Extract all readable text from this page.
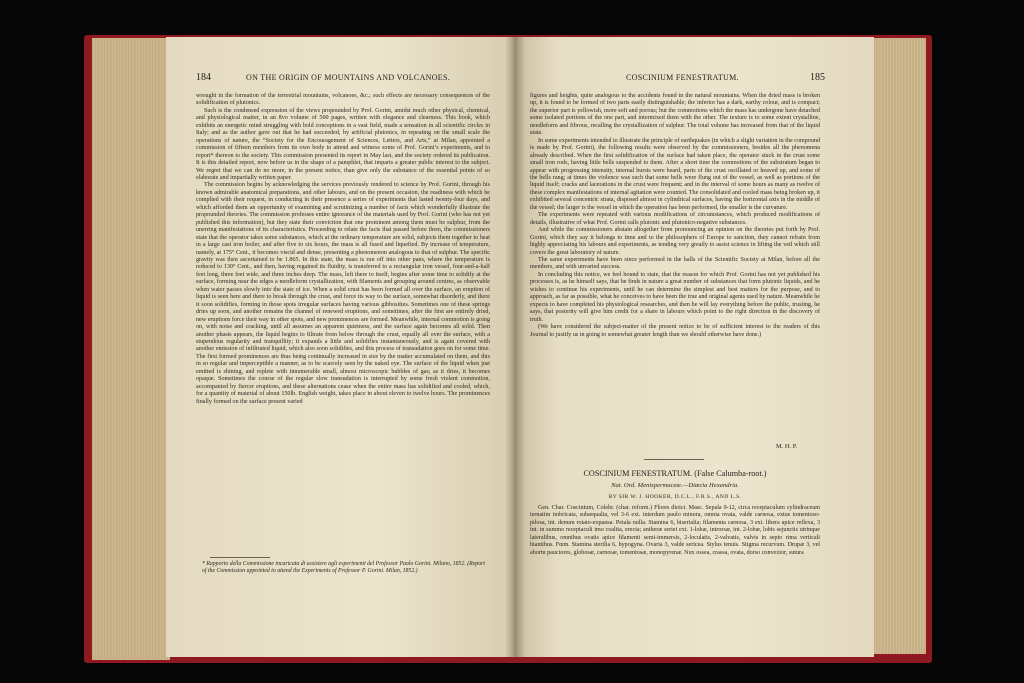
184	ON THE ORIGIN OF MOUNTAINS AND VOLCANOES.

wrought in the formation of the terrestrial mountains, volcanoes, &c.; such effects are necessary consequences of the solidification of plutonics.

Such is the condensed expression of the views propounded by Prof. Gorini, amidst much other physical, chemical, and physiological matter, in an 8vo volume of 500 pages, written with elegance and clearness. This book, which exhibits an energetic mind struggling with bold conceptions in a vast field, made a sensation in all scientific circles in Italy; and as the author gave out that he had succeeded, by artificial plutonics, in repeating on the small scale the operations of nature, the “Society for the Encouragement of Sciences, Letters, and Arts,” at Milan, appointed a commission of fifteen members from its own body to attend and witness some of Prof. Gorini’s experiments, and to report* thereon to the society. This commission presented its report in May last, and the society ordered its publication. It is this detailed report, now before us in the shape of a pamphlet, that imparts a greater public interest to the subject. We regret that we can do no more, in the present notice, than give only the substance of the essential points of so elaborate and impartially written paper.

The commission begins by acknowledging the services previously rendered to science by Prof. Gorini, through his known admirable anatomical preparations, and other labours, and on the present occasion, the readiness with which he complied with their request, in conducting in their presence a series of experiments that lasted twenty-four days, and which afforded them an opportunity of examining and scrutinizing a number of facts which wonderfully illustrate the propounded theories. The commission professes entire ignorance of the materials used by Prof. Gorini (who has not yet published this information), but they state their conviction that one prominent among them must be sulphur, from the unerring manifestations of its characteristics. Proceeding to relate the facts that passed before them, the commissioners state that the operator takes some substances, which at the ordinary temperature are solid, subjects them together to heat in a large cast iron boiler, and after five to six hours, the mass is all fused and liquefied. By increase of temperature, namely, at 175° Cent., it becomes viscid and dense, presenting a phenomenon analogous to that of sulphur. The specific gravity was then ascertained to be 1.865. In this state, the mass is run off into other pans, where the temperature is reduced to 130° Cent., and then, having regained its fluidity, is transferred to a rectangular iron vessel, four-and-a-half feet long, three feet wide, and three inches deep. The mass, left there to itself, begins after some time to solidify at the surface, forming near the edges a needleform crystallization, with filaments and grouping around centres, as observable when water passes slowly into the state of ice. When a solid crust has been formed all over the surface, an eruption of liquid is seen here and there to break through the crust, and force its way to the surface, somewhat disorderly, and there it soon solidifies, forming in those spots irregular surfaces having various gibbosities. Sometimes one of these springs dries up soon, and another remains the channel of renewed eruptions, and sometimes, after the first are entirely dried, new eruptions force their way in other spots, and new prominences are formed. Meanwhile, internal commotion is going on, with noise and cracking, until all assumes an apparent quietness, and the surface again becomes all solid. Then another phasis appears, the liquid begins to filtrate from below through the crust, equally all over the surface, with a stupendous regularity and tranquillity; it expands a little and solidifies instantaneously, and is again covered with another emission of infiltrated liquid, which also soon solidifies, and this process of transudation goes on for some time. The first formed prominences are thus being continually increased in size by the matter accumulated on them, and this in so regular and imperceptible a manner, as to be scarcely seen by the naked eye. The surface of the liquid when just emitted is shining, and replete with innumerable small, almost microscopic bubbles of gas; as it dries, it becomes opaque. Sometimes the course of the regular slow transudation is interrupted by some fresh violent commotion, accompanied by fiercer eruptions, and these alternations cease when the entire mass has solidified and cooled, which, for a quantity of material of about 150lb. English weight, takes place in about eleven to twelve hours. The prominences finally formed on the surface present varied

* Rapporto della Commissione incaricata di assistere agli esperimenti del Professor Paolo Gorini. Milano, 1852. (Report of the Commission appointed to attend the Experiments of Professor P. Gorini. Milan, 1852.)
COSCINIUM FENESTRATUM.	185

figures and heights, quite analogous to the accidents found in the natural mountains. When the dried mass is broken up, it is found to be formed of two parts easily distinguishable; the inferior has a dark, earthy colour, and is compact; the superior part is yellowish, more soft and porous; but the commotions which the mass has undergone have detached some isolated portions of the one part, and intermixed them with the other. The texture is to some extent crystalline, needleform and fibrous, recalling the crystallization of sulphur. The total volume has increased from that of the liquid state.

In some experiments intended to illustrate the principle of earthquakes (in which a slight variation in the compound is made by Prof. Gorini), the following results were observed by the commissioners, besides all the phenomena already described. When the first solidification of the surface had taken place, the operator stuck in the crust some small iron rods, having little bells suspended to them. After a short time the commotions of the substratum began to appear with progressing intensity, internal bursts were heard, parts of the crust oscillated or heaved up, and some of the bells rang; at times the violence was such that some bells were flung out of the vessel, as well as portions of the liquid itself; cracks and lacerations in the crust were frequent; and in the interval of some hours as many as twelve of these complex manifestations of internal agitation were counted. The consolidated and cooled mass being broken up, it exhibited several concentric strata, disposed almost in cylindrical surfaces, having the horizontal axis in the middle of the vessel; the larger is the vessel in which the operation has been performed, the smaller is the curvature.

The experiments were repeated with various modifications of circumstances, which produced modifications of details, illustrative of what Prof. Gorini calls plutonic and plutonico-negative substances.

And while the commissioners abstain altogether from pronouncing an opinion on the theories put forth by Prof. Gorini, which they say it belongs to time and to the philosophers of Europe to sanction, they cannot refrain from highly appreciating his labours and experiments, as tending very greatly to assist science in lifting the veil which still covers the great laboratory of nature.

The same experiments have been since performed in the halls of the Scientific Society at Milan, before all the members, and with unvaried success.

In concluding this notice, we feel bound to state, that the reason for which Prof. Gorini has not yet published his processes is, as he himself says, that he finds in nature a great number of substances that form plutonic liquids, and he wishes to continue his experiments, until he can determine the simplest and best matters for the purpose, and to approach, as far as possible, what he conceives to have been the true and original agents used by nature. Meanwhile he expects to have completed his physiological researches, and then he will lay everything before the public, trusting, he says, that posterity will give him credit for a share in labours which point to the right direction in the discovery of truth.

(We have considered the subject-matter of the present notice to be of sufficient interest to the readers of this Journal to justify us in going to somewhat greater length than we should otherwise have done.)

M. H. P.
COSCINIUM FENESTRATUM. (False Calumba-root.)
Nat. Ord. Menispermaceæ.—Diœcia Hexandria.
BY SIR W. J. HOOKER, D.C.L., F.R.S., AND L.S.

Gen. Char. Coscinium, Colebr. (char. reform.) Flores dioici. Masc. Sepala 9-12, circa receptaculum cylindraceum ternatim imbricata, subæqualia, vel 3-6 ext. interdum paulo minora, omnia ovata, valde carnosa, extus tomentoso-pilosa, int. denum rotato-expansa. Petala nulla. Stamina 6, biserialia; filamenta carnosa, 3 ext. libera apice reflexa, 3 int. in summo receptaculi imo coalita, erecta; antheræ seriei ext. 1-lobæ, introrsæ, int. 2-lobæ, lobis sejunctis utrinque lateralibus, omnibus ovatis apice filamenti semi-immersis, 2-loculatis, 2-valvatis, valvis in septo rima verticali hiantibus. Fœm. Stamina sterilia 6, hypogyna. Ovaria 3, valde sericea. Stylus tenuis. Stigma recurvum. Drupæ 3, vel abortu pauciores, globosæ, carnosæ, tomentosæ, monopyrenæ. Nux ossea, crassa, ovata, dorso convexior, sutura
